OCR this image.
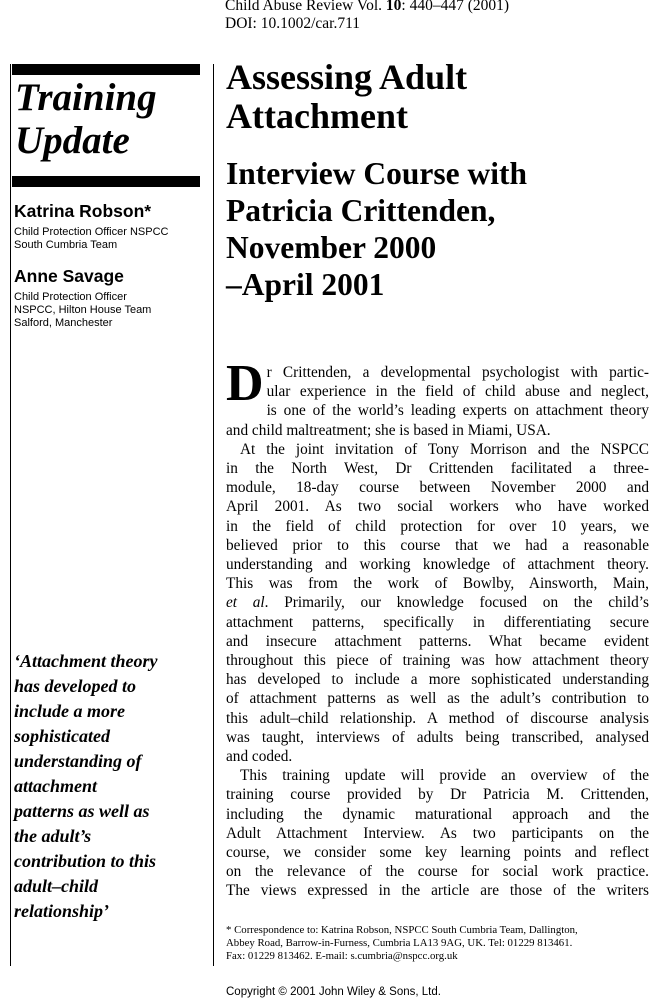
Child Abuse Review Vol. 10: 440–447 (2001)
DOI: 10.1002/car.711
Training
Update
Katrina Robson*
Child Protection Officer NSPCC
South Cumbria Team
Anne Savage
Child Protection Officer
NSPCC, Hilton House Team
Salford, Manchester
‘Attachment theory
has developed to
include a more
sophisticated
understanding of
attachment
patterns as well as
the adult’s
contribution to this
adult–child
relationship’
Assessing Adult
Attachment
Interview Course with
Patricia Crittenden,
November 2000
–April 2001
D r Crittenden, a developmental psychologist with partic-

ular experience in the field of child abuse and neglect,

is one of the world’s leading experts on attachment theory

and child maltreatment; she is based in Miami, USA.

At the joint invitation of Tony Morrison and the NSPCC

in the North West, Dr Crittenden facilitated a three-

module, 18-day course between November 2000 and

April 2001. As two social workers who have worked

in the field of child protection for over 10 years, we

believed prior to this course that we had a reasonable

understanding and working knowledge of attachment theory.

This was from the work of Bowlby, Ainsworth, Main,

et al. Primarily, our knowledge focused on the child’s

attachment patterns, specifically in differentiating secure

and insecure attachment patterns. What became evident

throughout this piece of training was how attachment theory

has developed to include a more sophisticated understanding

of attachment patterns as well as the adult’s contribution to

this adult–child relationship. A method of discourse analysis

was taught, interviews of adults being transcribed, analysed

and coded.

This training update will provide an overview of the

training course provided by Dr Patricia M. Crittenden,

including the dynamic maturational approach and the

Adult Attachment Interview. As two participants on the

course, we consider some key learning points and reflect

on the relevance of the course for social work practice.

The views expressed in the article are those of the writers

* Correspondence to: Katrina Robson, NSPCC South Cumbria Team, Dallington,
Abbey Road, Barrow-in-Furness, Cumbria LA13 9AG, UK. Tel: 01229 813461.
Fax: 01229 813462. E-mail: s.cumbria@nspcc.org.uk
Copyright © 2001 John Wiley & Sons, Ltd.
